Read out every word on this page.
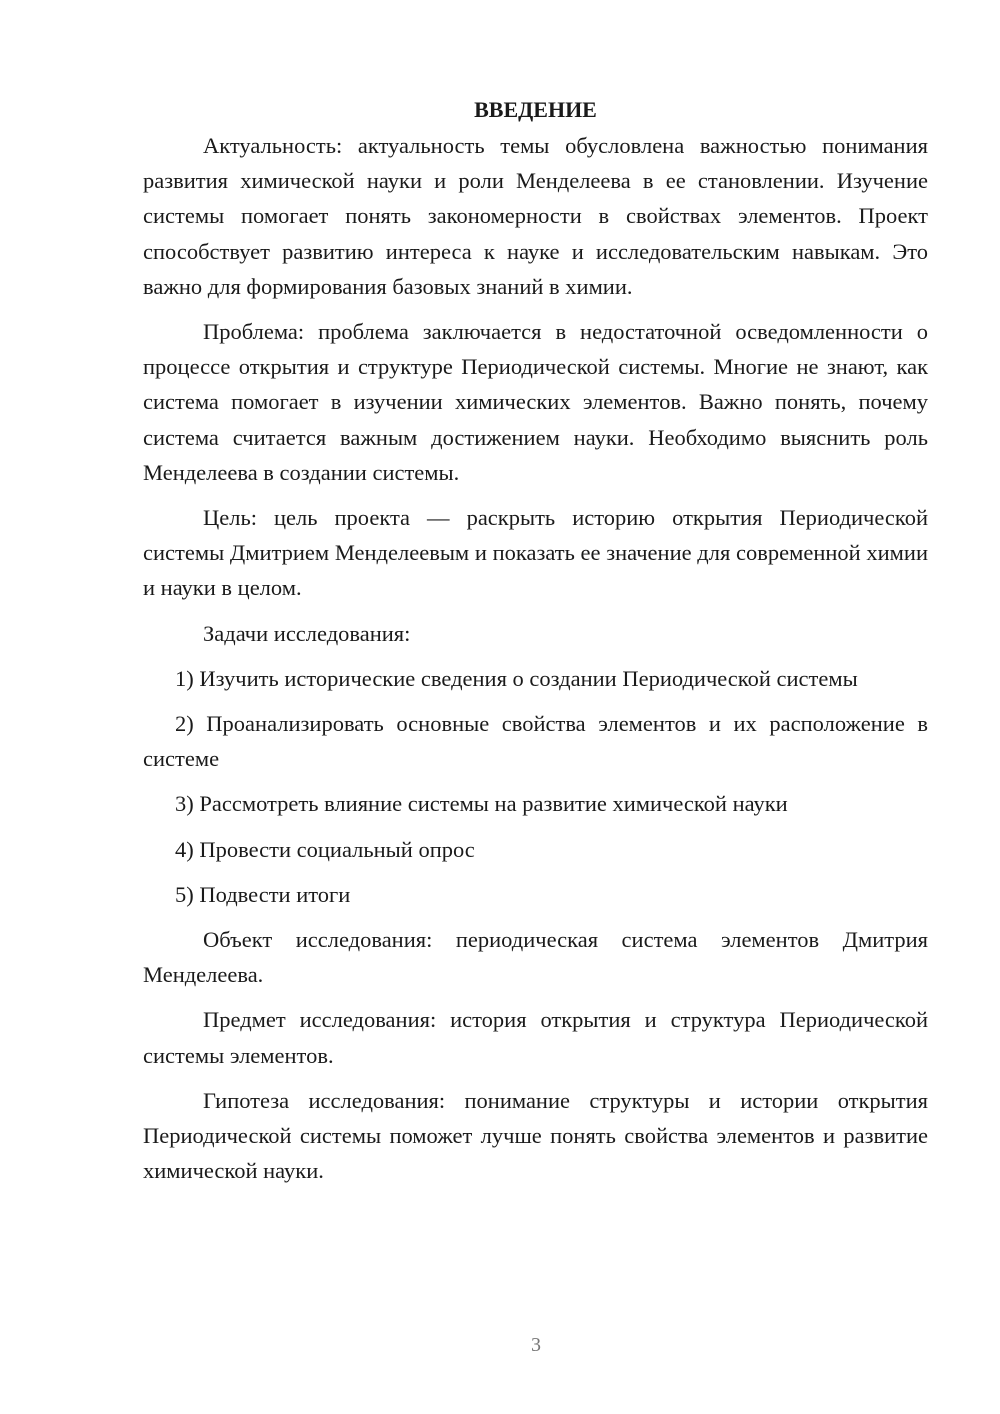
ВВЕДЕНИЕ

Актуальность: актуальность темы обусловлена важностью понимания развития химической науки и роли Менделеева в ее становлении. Изучение системы помогает понять закономерности в свойствах элементов. Проект способствует развитию интереса к науке и исследовательским навыкам. Это важно для формирования базовых знаний в химии.

Проблема: проблема заключается в недостаточной осведомленности о процессе открытия и структуре Периодической системы. Многие не знают, как система помогает в изучении химических элементов. Важно понять, почему система считается важным достижением науки. Необходимо выяснить роль Менделеева в создании системы.

Цель: цель проекта — раскрыть историю открытия Периодической системы Дмитрием Менделеевым и показать ее значение для современной химии и науки в целом.

Задачи исследования:

1) Изучить исторические сведения о создании Периодической системы

2) Проанализировать основные свойства элементов и их расположение в системе

3) Рассмотреть влияние системы на развитие химической науки

4) Провести социальный опрос

5) Подвести итоги

Объект исследования: периодическая система элементов Дмитрия Менделеева.

Предмет исследования: история открытия и структура Периодической системы элементов.

Гипотеза исследования: понимание структуры и истории открытия Периодической системы поможет лучше понять свойства элементов и развитие химической науки.

3
